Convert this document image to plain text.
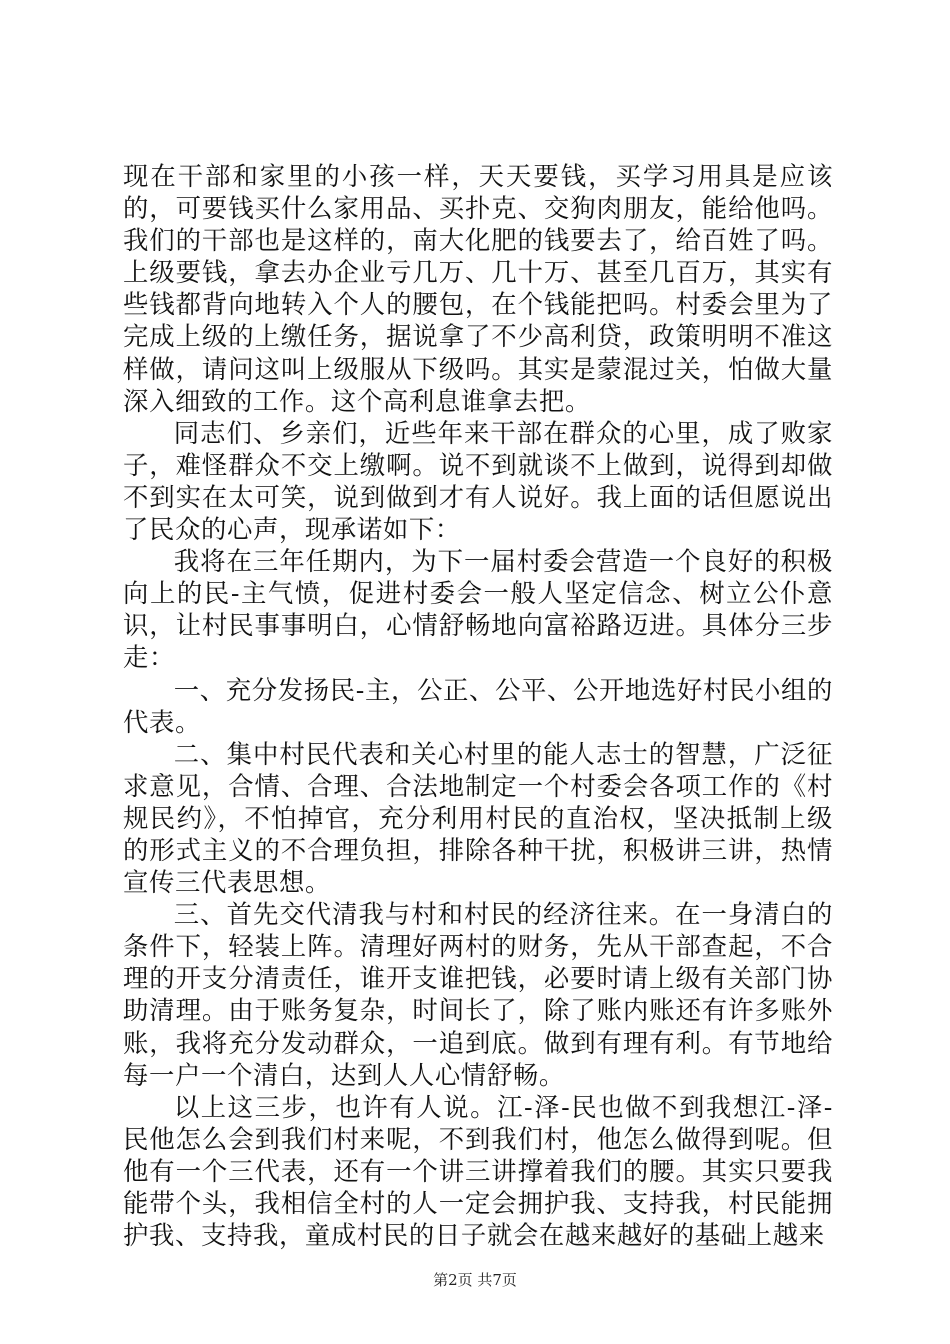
现在干部和家里的小孩一样，天天要钱，买学习用具是应该的，可要钱买什么家用品、买扑克、交狗肉朋友，能给他吗。我们的干部也是这样的，南大化肥的钱要去了，给百姓了吗。上级要钱，拿去办企业亏几万、几十万、甚至几百万，其实有些钱都背向地转入个人的腰包，在个钱能把吗。村委会里为了完成上级的上缴任务，据说拿了不少高利贷，政策明明不准这样做，请问这叫上级服从下级吗。其实是蒙混过关，怕做大量深入细致的工作。这个高利息谁拿去把。

同志们、乡亲们，近些年来干部在群众的心里，成了败家子，难怪群众不交上缴啊。说不到就谈不上做到，说得到却做不到实在太可笑，说到做到才有人说好。我上面的话但愿说出了民众的心声，现承诺如下：

我将在三年任期内，为下一届村委会营造一个良好的积极向上的民-主气愤，促进村委会一般人坚定信念、树立公仆意识，让村民事事明白，心情舒畅地向富裕路迈进。具体分三步走：

一、充分发扬民-主，公正、公平、公开地选好村民小组的代表。

二、集中村民代表和关心村里的能人志士的智慧，广泛征求意见，合情、合理、合法地制定一个村委会各项工作的《村规民约》，不怕掉官，充分利用村民的直治权，坚决抵制上级的形式主义的不合理负担，排除各种干扰，积极讲三讲，热情宣传三代表思想。

三、首先交代清我与村和村民的经济往来。在一身清白的条件下，轻装上阵。清理好两村的财务，先从干部查起，不合理的开支分清责任，谁开支谁把钱，必要时请上级有关部门协助清理。由于账务复杂，时间长了，除了账内账还有许多账外账，我将充分发动群众，一追到底。做到有理有利。有节地给每一户一个清白，达到人人心情舒畅。

以上这三步，也许有人说。江-泽-民也做不到我想江-泽-民他怎么会到我们村来呢，不到我们村，他怎么做得到呢。但他有一个三代表，还有一个讲三讲撑着我们的腰。其实只要我能带个头，我相信全村的人一定会拥护我、支持我，村民能拥护我、支持我，童成村民的日子就会在越来越好的基础上越来

第2页 共7页
